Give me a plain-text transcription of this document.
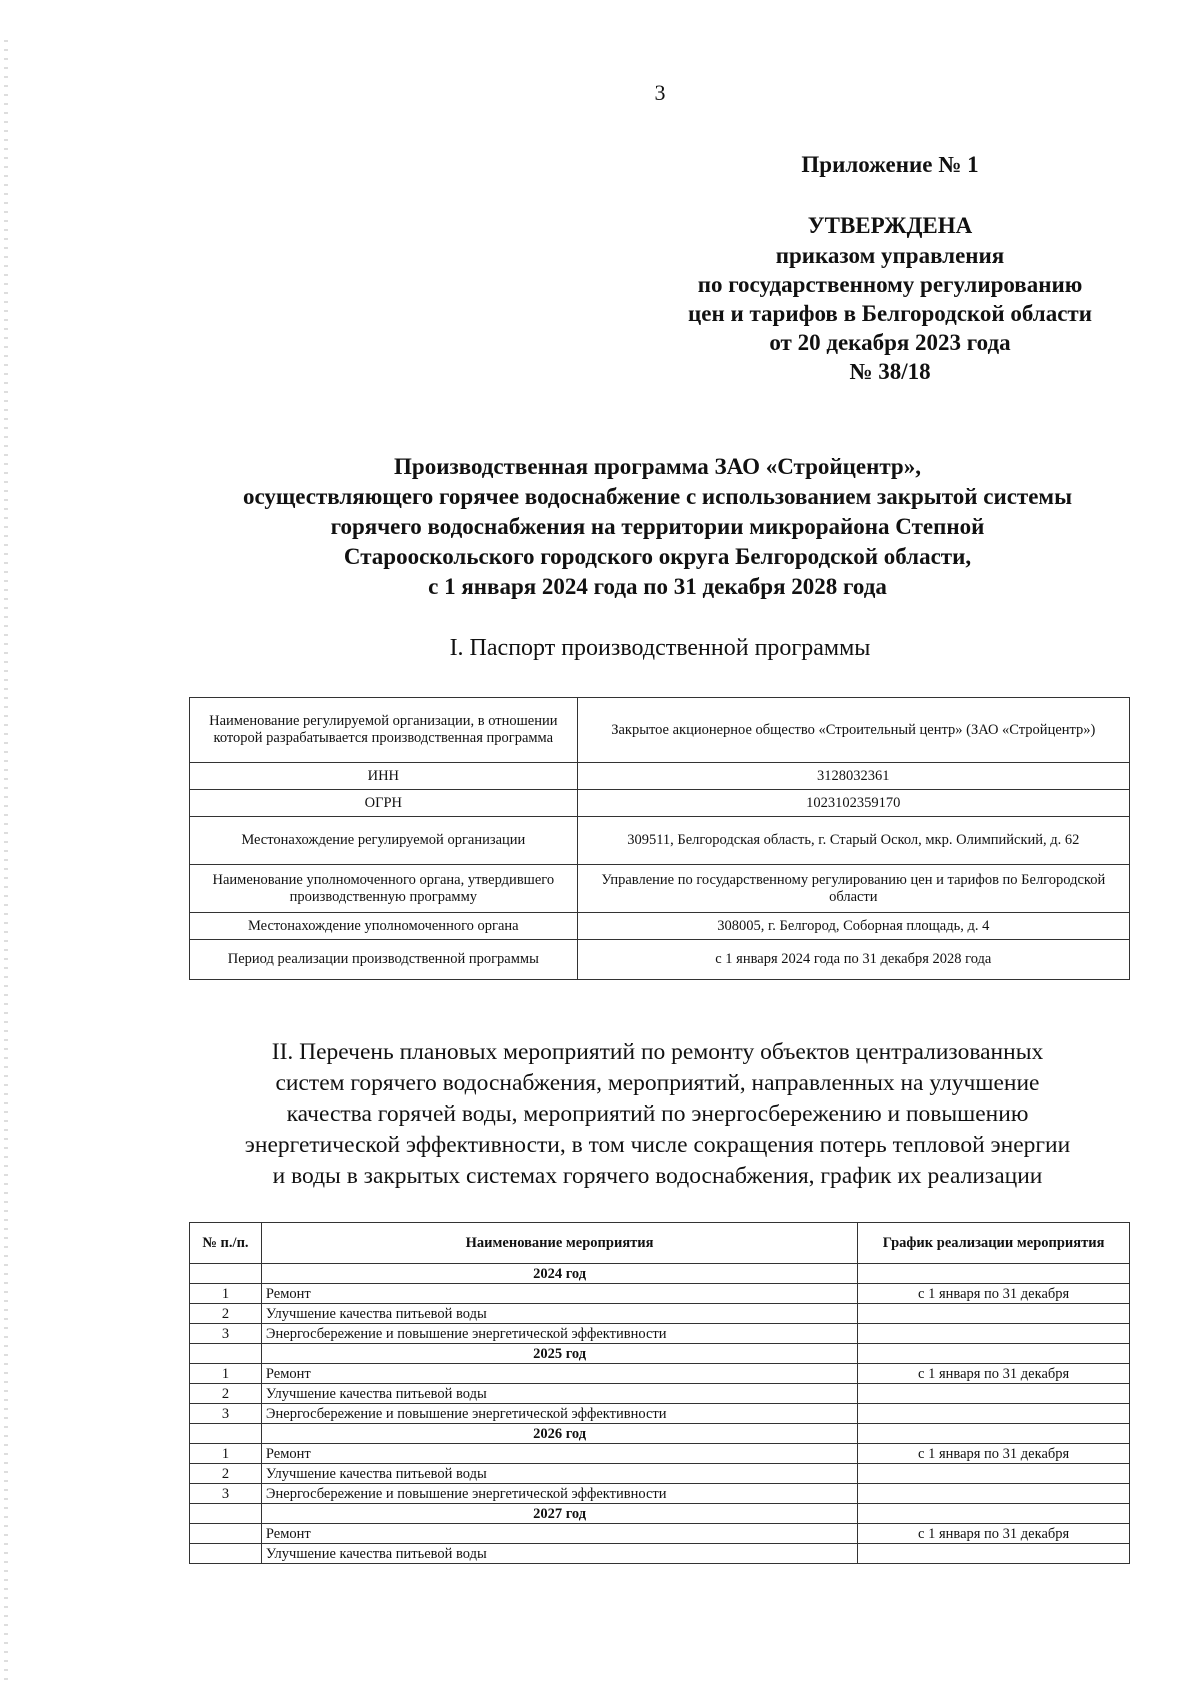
3
Приложение № 1
УТВЕРЖДЕНА
приказом управления
по государственному регулированию
цен и тарифов в Белгородской области
от 20 декабря 2023 года
№ 38/18
Производственная программа ЗАО «Стройцентр»,
осуществляющего горячее водоснабжение с использованием закрытой системы
горячего водоснабжения на территории микрорайона Степной
Старооскольского городского округа Белгородской области,
с 1 января 2024 года по 31 декабря 2028 года
I. Паспорт производственной программы
Наименование регулируемой организации, в отношении которой разрабатывается производственная программа	Закрытое акционерное общество «Строительный центр» (ЗАО «Стройцентр»)
ИНН	3128032361
ОГРН	1023102359170
Местонахождение регулируемой организации	309511, Белгородская область, г. Старый Оскол, мкр. Олимпийский, д. 62
Наименование уполномоченного органа, утвердившего производственную программу	Управление по государственному регулированию цен и тарифов по Белгородской области
Местонахождение уполномоченного органа	308005, г. Белгород, Соборная площадь, д. 4
Период реализации производственной программы	с 1 января 2024 года по 31 декабря 2028 года
II. Перечень плановых мероприятий по ремонту объектов централизованных
систем горячего водоснабжения, мероприятий, направленных на улучшение
качества горячей воды, мероприятий по энергосбережению и повышению
энергетической эффективности, в том числе сокращения потерь тепловой энергии
и воды в закрытых системах горячего водоснабжения, график их реализации
№ п./п.	Наименование мероприятия	График реализации мероприятия
	2024 год	
1	Ремонт	с 1 января по 31 декабря
2	Улучшение качества питьевой воды	
3	Энергосбережение и повышение энергетической эффективности	
	2025 год	
1	Ремонт	с 1 января по 31 декабря
2	Улучшение качества питьевой воды	
3	Энергосбережение и повышение энергетической эффективности	
	2026 год	
1	Ремонт	с 1 января по 31 декабря
2	Улучшение качества питьевой воды	
3	Энергосбережение и повышение энергетической эффективности	
	2027 год	
	Ремонт	с 1 января по 31 декабря
	Улучшение качества питьевой воды	
